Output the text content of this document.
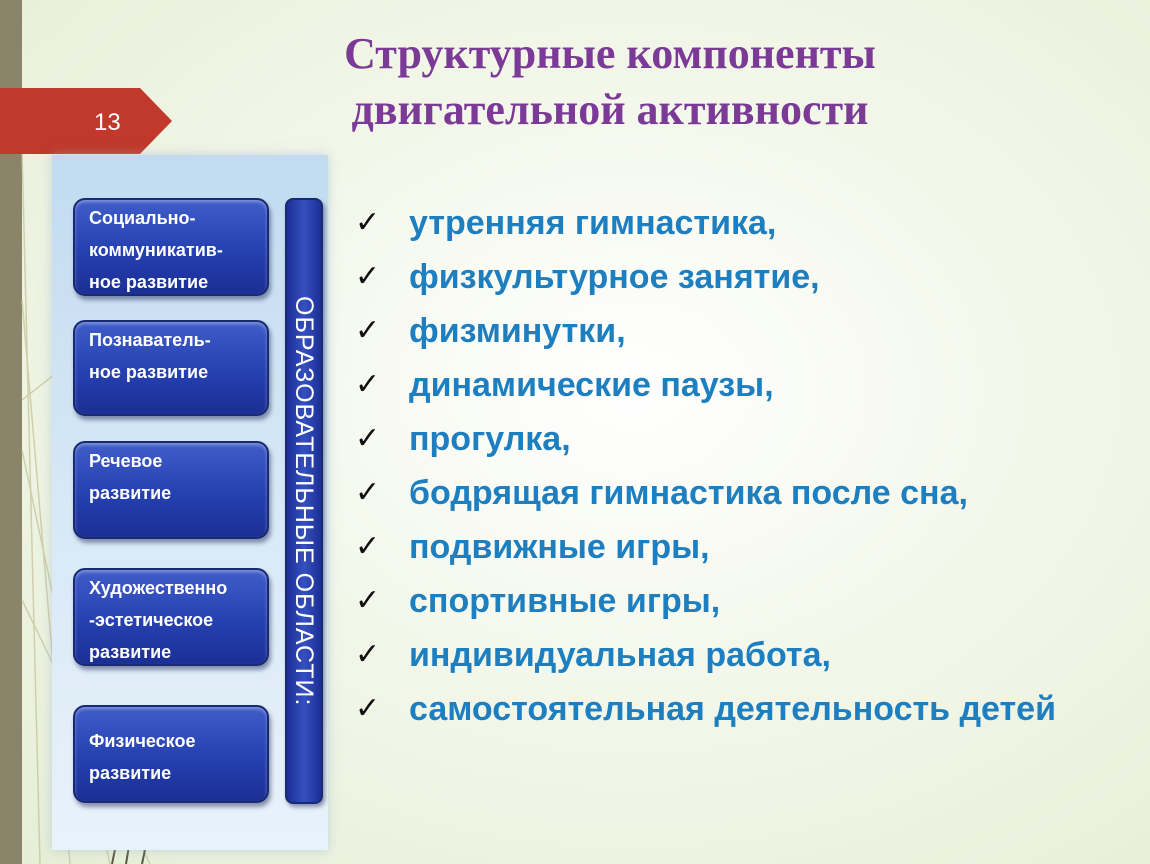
13
Структурные компоненты
двигательной активности
Социально-
коммуникатив-
ное развитие
Познаватель-
ное развитие
Речевое
развитие
Художественно
-эстетическое
развитие
Физическое
развитие
ОБРАЗОВАТЕЛЬНЫЕ ОБЛАСТИ:
✓ утренняя гимнастика,
✓ физкультурное занятие,
✓ физминутки,
✓ динамические паузы,
✓ прогулка,
✓ бодрящая гимнастика после сна,
✓ подвижные игры,
✓ спортивные игры,
✓ индивидуальная работа,
✓ самостоятельная деятельность детей
